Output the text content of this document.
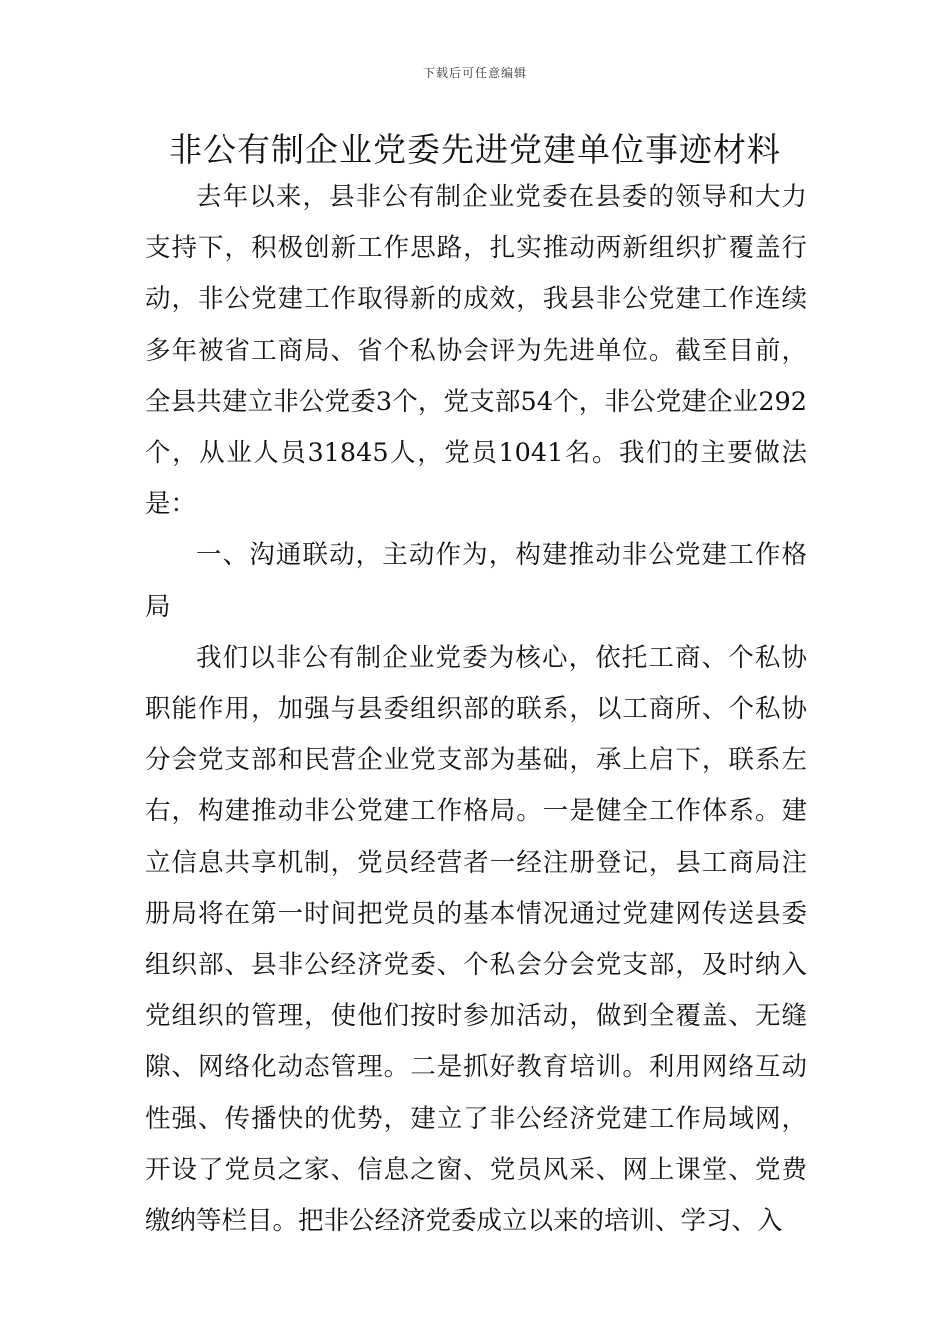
下载后可任意编辑
非公有制企业党委先进党建单位事迹材料

去年以来，县非公有制企业党委在县委的领导和大力支持下，积极创新工作思路，扎实推动两新组织扩覆盖行动，非公党建工作取得新的成效，我县非公党建工作连续多年被省工商局、省个私协会评为先进单位。截至目前，全县共建立非公党委3个，党支部54个，非公党建企业292个，从业人员31845人，党员1041名。我们的主要做法是：

一、沟通联动，主动作为，构建推动非公党建工作格局

我们以非公有制企业党委为核心，依托工商、个私协职能作用，加强与县委组织部的联系，以工商所、个私协分会党支部和民营企业党支部为基础，承上启下，联系左右，构建推动非公党建工作格局。一是健全工作体系。建立信息共享机制，党员经营者一经注册登记，县工商局注册局将在第一时间把党员的基本情况通过党建网传送县委组织部、县非公经济党委、个私会分会党支部，及时纳入党组织的管理，使他们按时参加活动，做到全覆盖、无缝隙、网络化动态管理。二是抓好教育培训。利用网络互动性强、传播快的优势，建立了非公经济党建工作局域网，开设了党员之家、信息之窗、党员风采、网上课堂、党费缴纳等栏目。把非公经济党委成立以来的培训、学习、入
